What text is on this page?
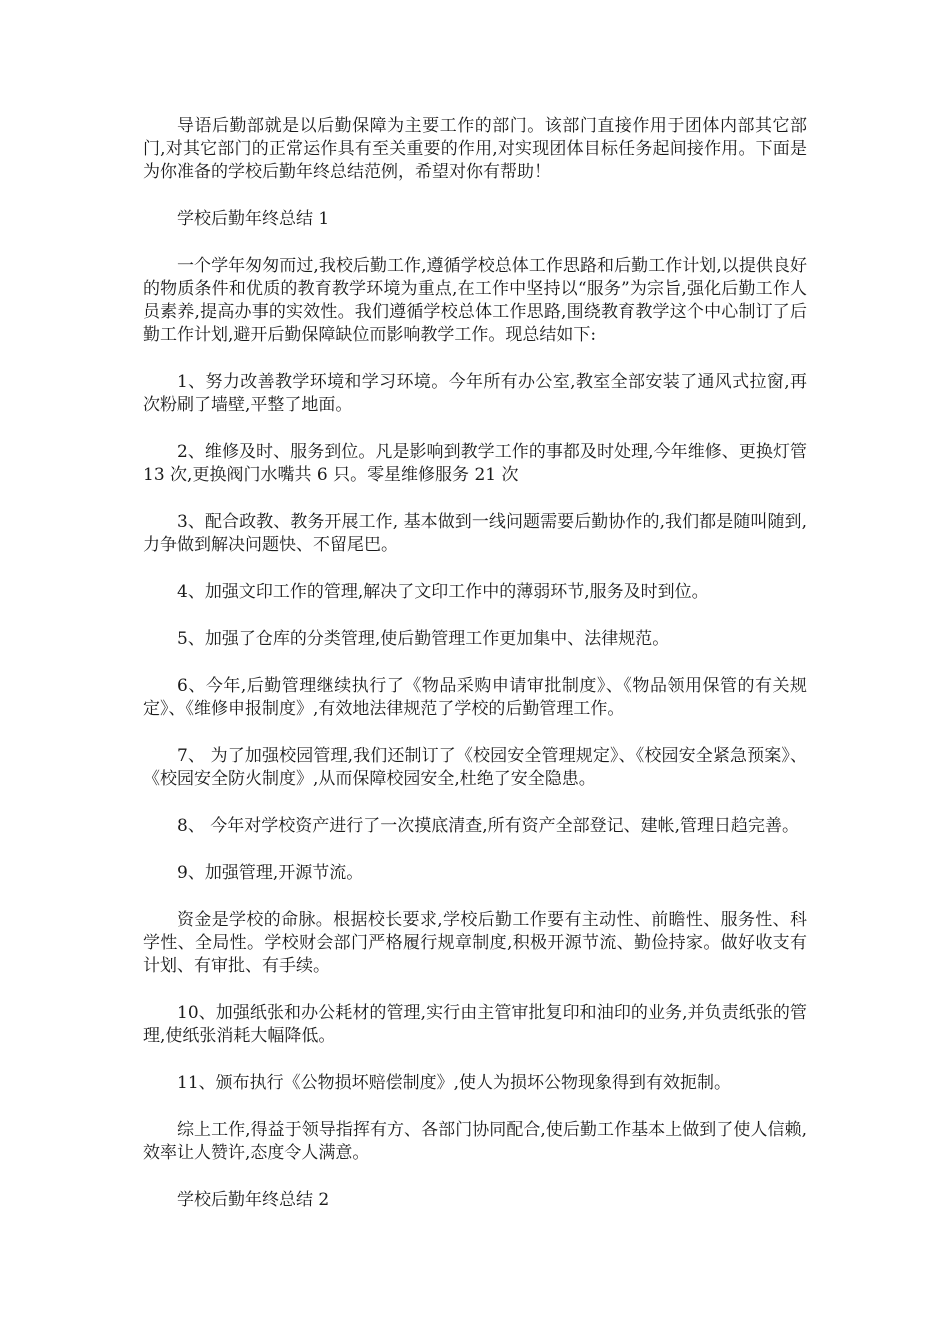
导语后勤部就是以后勤保障为主要工作的部门。该部门直接作用于团体内部其它部门,对其它部门的正常运作具有至关重要的作用,对实现团体目标任务起间接作用。下面是为你准备的学校后勤年终总结范例，希望对你有帮助！

学校后勤年终总结 1

一个学年匆匆而过,我校后勤工作,遵循学校总体工作思路和后勤工作计划,以提供良好的物质条件和优质的教育教学环境为重点,在工作中坚持以“服务”为宗旨,强化后勤工作人员素养,提高办事的实效性。我们遵循学校总体工作思路,围绕教育教学这个中心制订了后勤工作计划,避开后勤保障缺位而影响教学工作。现总结如下:

1、努力改善教学环境和学习环境。今年所有办公室,教室全部安装了通风式拉窗,再次粉刷了墙壁,平整了地面。

2、维修及时、服务到位。凡是影响到教学工作的事都及时处理,今年维修、更换灯管 13 次,更换阀门水嘴共 6 只。零星维修服务 21 次

3、配合政教、教务开展工作, 基本做到一线问题需要后勤协作的,我们都是随叫随到,力争做到解决问题快、不留尾巴。

4、加强文印工作的管理,解决了文印工作中的薄弱环节,服务及时到位。

5、加强了仓库的分类管理,使后勤管理工作更加集中、法律规范。

6、今年,后勤管理继续执行了《物品采购申请审批制度》、《物品领用保管的有关规定》、《维修申报制度》,有效地法律规范了学校的后勤管理工作。

7、 为了加强校园管理,我们还制订了《校园安全管理规定》、《校园安全紧急预案》、《校园安全防火制度》,从而保障校园安全,杜绝了安全隐患。

8、 今年对学校资产进行了一次摸底清查,所有资产全部登记、建帐,管理日趋完善。

9、加强管理,开源节流。

资金是学校的命脉。根据校长要求,学校后勤工作要有主动性、前瞻性、服务性、科学性、全局性。学校财会部门严格履行规章制度,积极开源节流、勤俭持家。做好收支有计划、有审批、有手续。

10、加强纸张和办公耗材的管理,实行由主管审批复印和油印的业务,并负责纸张的管理,使纸张消耗大幅降低。

11、颁布执行《公物损坏赔偿制度》,使人为损坏公物现象得到有效扼制。

综上工作,得益于领导指挥有方、各部门协同配合,使后勤工作基本上做到了使人信赖,效率让人赞许,态度令人满意。

学校后勤年终总结 2
